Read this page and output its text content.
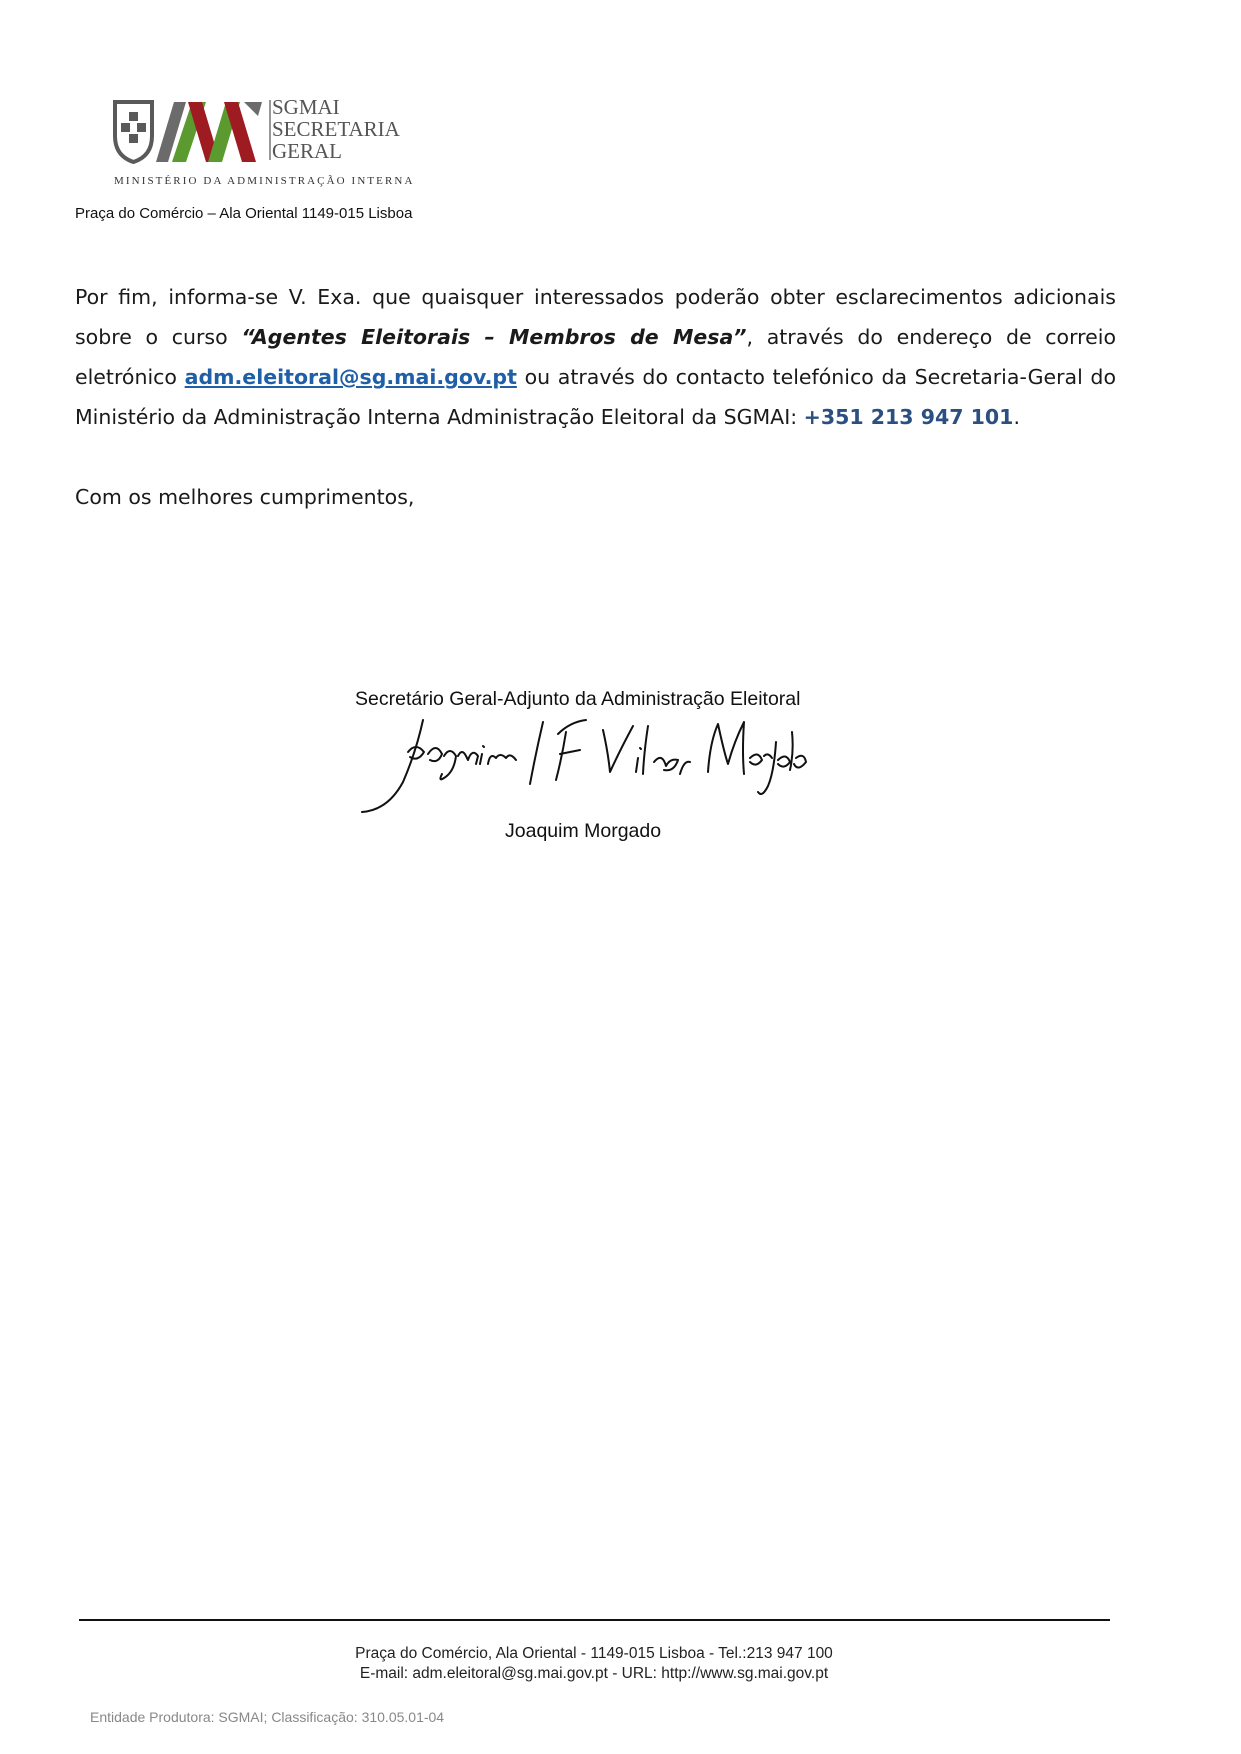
SGMAI
SECRETARIA
GERAL
MINISTÉRIO DA ADMINISTRAÇÃO INTERNA
Praça do Comércio – Ala Oriental 1149-015 Lisboa

Por fim, informa-se V. Exa. que quaisquer interessados poderão obter esclarecimentos adicionais sobre o curso “Agentes Eleitorais – Membros de Mesa”, através do endereço de correio eletrónico adm.eleitoral@sg.mai.gov.pt ou através do contacto telefónico da Secretaria-Geral do Ministério da Administração Interna Administração Eleitoral da SGMAI: +351 213 947 101.

Com os melhores cumprimentos,
Secretário Geral-Adjunto da Administração Eleitoral
Joaquim Morgado
Praça do Comércio, Ala Oriental - 1149-015 Lisboa - Tel.:213 947 100
E-mail: adm.eleitoral@sg.mai.gov.pt - URL: http://www.sg.mai.gov.pt
Entidade Produtora: SGMAI; Classificação: 310.05.01-04
